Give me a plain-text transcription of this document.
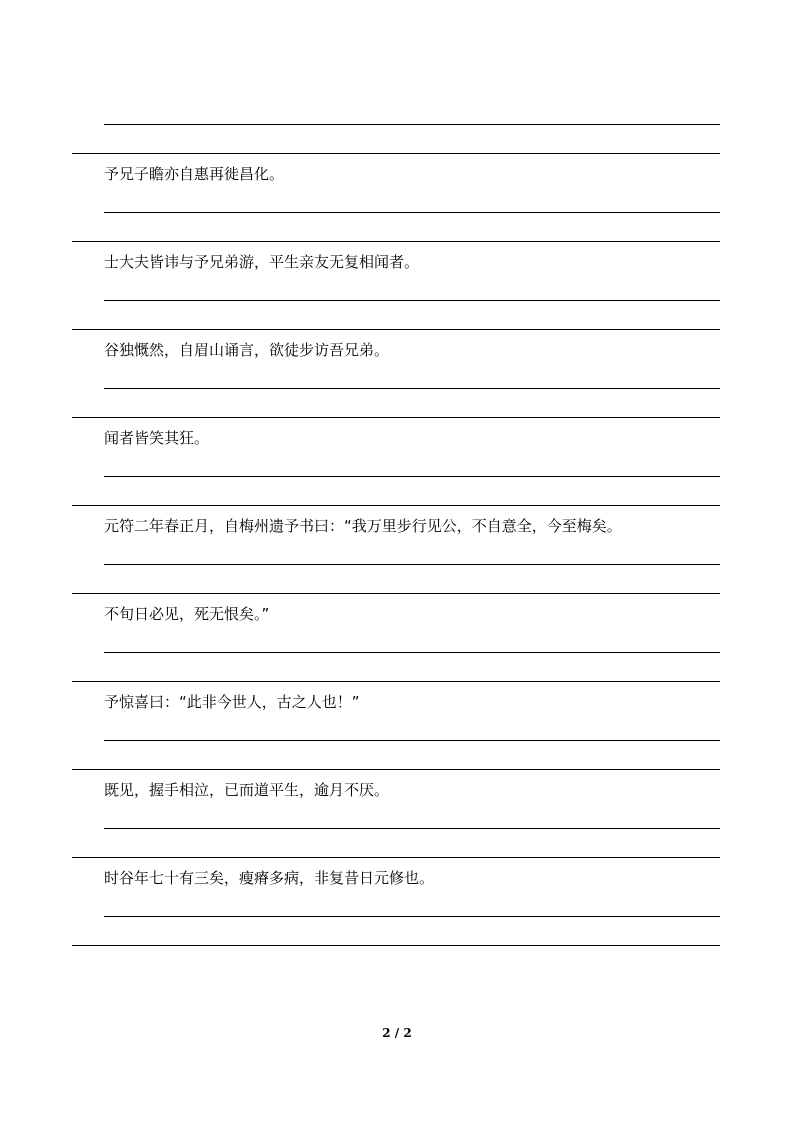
予兄子瞻亦自惠再徙昌化。
士大夫皆讳与予兄弟游，平生亲友无复相闻者。
谷独慨然，自眉山诵言，欲徒步访吾兄弟。
闻者皆笑其狂。
元符二年春正月，自梅州遗予书曰：“我万里步行见公，不自意全，今至梅矣。
不旬日必见，死无恨矣。”
予惊喜曰：“此非今世人，古之人也！”
既见，握手相泣，已而道平生，逾月不厌。
时谷年七十有三矣，瘦瘠多病，非复昔日元修也。
2 / 2
